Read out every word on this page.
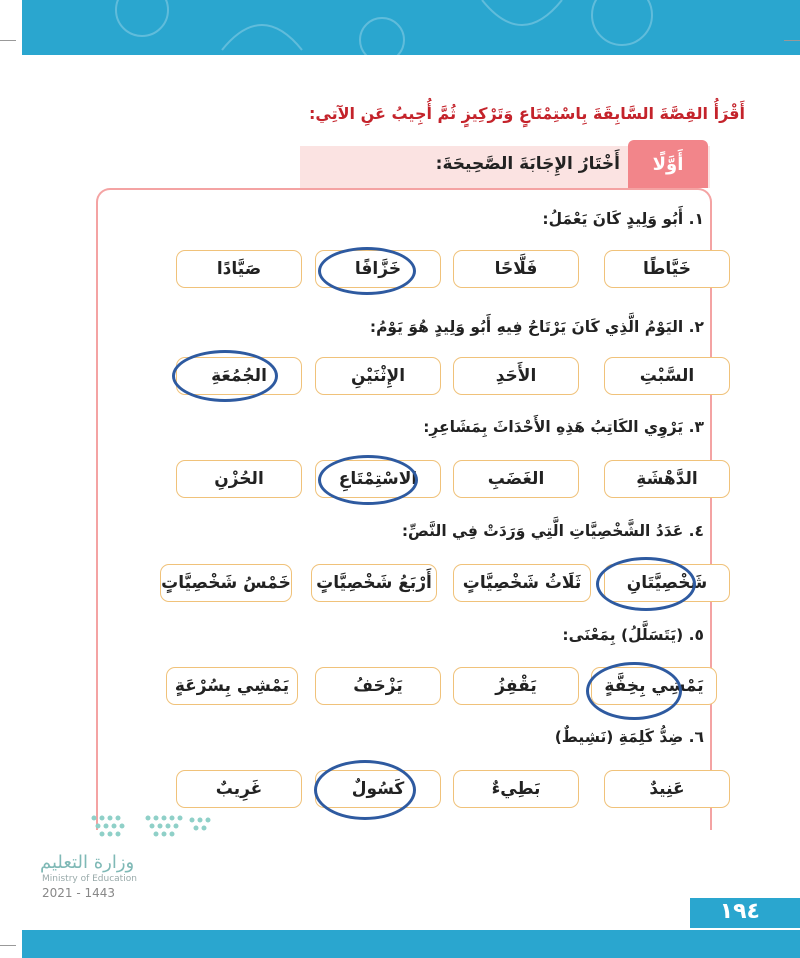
أَقْرَأُ القِصَّةَ السَّابِقَةَ بِاسْتِمْتَاعٍ وَتَرْكِيزٍ ثُمَّ أُجِيبُ عَنِ الآتِي:
أَوَّلًا
أَخْتَارُ الإِجَابَةَ الصَّحِيحَةَ:
١. أَبُو وَلِيدٍ كَانَ يَعْمَلُ:
خَيَّاطًا
فَلَّاحًا
خَزَّافًا
صَيَّادًا
٢. اليَوْمُ الَّذِي كَانَ يَرْتَاحُ فِيهِ أَبُو وَلِيدٍ هُوَ يَوْمُ:
السَّبْتِ
الأَحَدِ
الإِثْنَيْنِ
الجُمُعَةِ
٣. يَرْوِي الكَاتِبُ هَذِهِ الأَحْدَاثَ بِمَشَاعِرِ:
الدَّهْشَةِ
الغَضَبِ
الاسْتِمْتَاعِ
الحُزْنِ
٤. عَدَدُ الشَّخْصِيَّاتِ الَّتِي وَرَدَتْ فِي النَّصِّ:
شَخْصِيَّتَانِ
ثَلَاثُ شَخْصِيَّاتٍ
أَرْبَعُ شَخْصِيَّاتٍ
خَمْسُ شَخْصِيَّاتٍ
٥. (يَتَسَلَّلُ) بِمَعْنَى:
يَمْشِي بِخِفَّةٍ
يَقْفِزُ
يَزْحَفُ
يَمْشِي بِسُرْعَةٍ
٦. ضِدُّ كَلِمَةِ (نَشِيطٌ)
عَنِيدٌ
بَطِيءٌ
كَسُولٌ
غَرِيبٌ
وزارة التعليم
Ministry of Education
2021 - 1443
١٩٤
